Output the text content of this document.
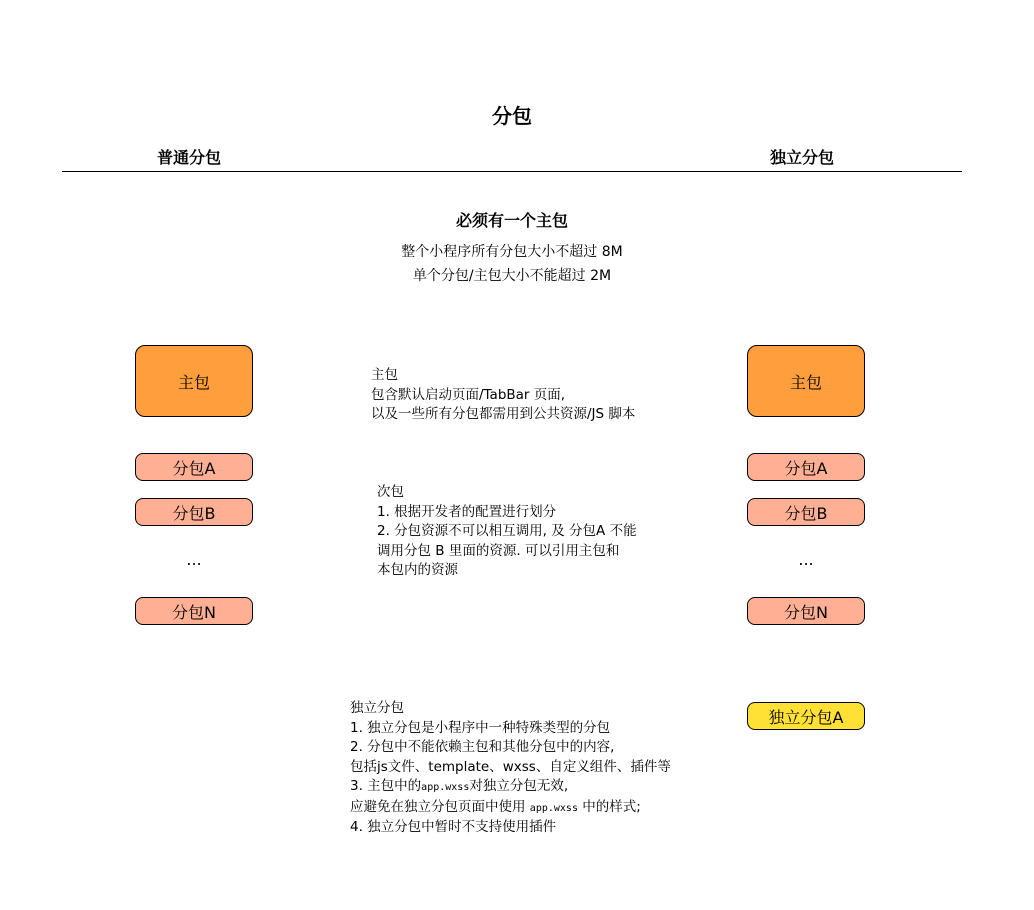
分包
普通分包	独立分包
必须有一个主包
整个小程序所有分包大小不超过 8M
单个分包/主包大小不能超过 2M
主包
分包A
分包B
...
分包N
主包
分包A
分包B
...
分包N
独立分包A
主包
包含默认启动页面/TabBar 页面,
以及一些所有分包都需用到公共资源/JS 脚本
次包
1. 根据开发者的配置进行划分
2. 分包资源不可以相互调用, 及 分包A 不能
调用分包 B 里面的资源. 可以引用主包和
本包内的资源
独立分包
1. 独立分包是小程序中一种特殊类型的分包
2. 分包中不能依赖主包和其他分包中的内容,
包括js文件、template、wxss、自定义组件、插件等
3. 主包中的app.wxss对独立分包无效,
应避免在独立分包页面中使用 app.wxss 中的样式;
4. 独立分包中暂时不支持使用插件
